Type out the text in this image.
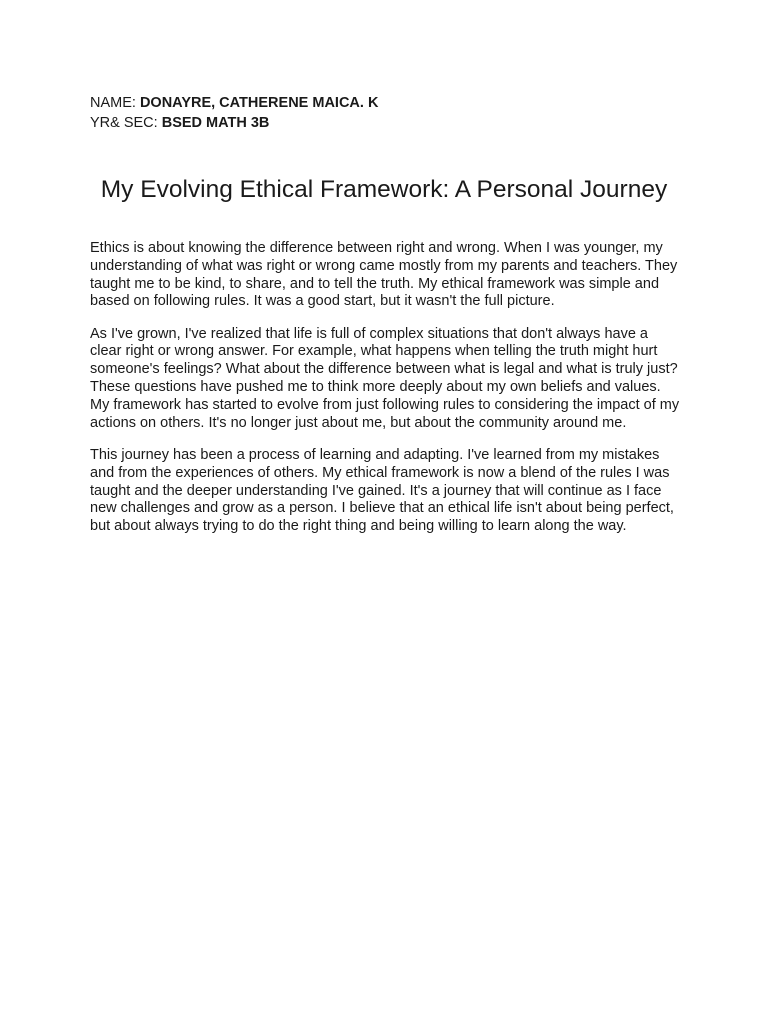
NAME: DONAYRE, CATHERENE MAICA. K
YR& SEC: BSED MATH 3B
My Evolving Ethical Framework: A Personal Journey

Ethics is about knowing the difference between right and wrong. When I was younger, my understanding of what was right or wrong came mostly from my parents and teachers. They taught me to be kind, to share, and to tell the truth. My ethical framework was simple and based on following rules. It was a good start, but it wasn't the full picture.

As I've grown, I've realized that life is full of complex situations that don't always have a clear right or wrong answer. For example, what happens when telling the truth might hurt someone's feelings? What about the difference between what is legal and what is truly just? These questions have pushed me to think more deeply about my own beliefs and values. My framework has started to evolve from just following rules to considering the impact of my actions on others. It's no longer just about me, but about the community around me.

This journey has been a process of learning and adapting. I've learned from my mistakes and from the experiences of others. My ethical framework is now a blend of the rules I was taught and the deeper understanding I've gained. It's a journey that will continue as I face new challenges and grow as a person. I believe that an ethical life isn't about being perfect, but about always trying to do the right thing and being willing to learn along the way.
